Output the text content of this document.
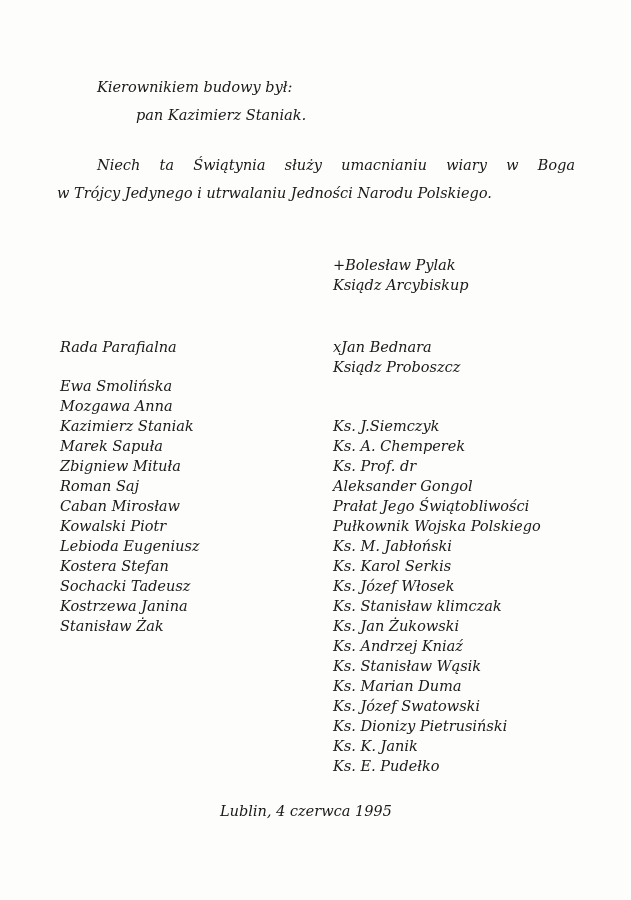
Kierownikiem budowy był:
pan Kazimierz Staniak.
Niech ta Świątynia służy umacnianiu wiary w Boga
w Trójcy Jedynego i utrwalaniu Jedności Narodu Polskiego.
+Bolesław Pylak
Ksiądz Arcybiskup
Rada Parafialna	xJan Bednara
Ksiądz Proboszcz
Ewa Smolińska
Mozgawa Anna
Kazimierz Staniak
Marek Sapuła
Zbigniew Mituła
Roman Saj
Caban Mirosław
Kowalski Piotr
Lebioda Eugeniusz
Kostera Stefan
Sochacki Tadeusz
Kostrzewa Janina
Stanisław Żak
Ks. J.Siemczyk
Ks. A. Chemperek
Ks. Prof. dr
Aleksander Gongol
Prałat Jego Świątobliwości
Pułkownik Wojska Polskiego
Ks. M. Jabłoński
Ks. Karol Serkis
Ks. Józef Włosek
Ks. Stanisław klimczak
Ks. Jan Żukowski
Ks. Andrzej Kniaź
Ks. Stanisław Wąsik
Ks. Marian Duma
Ks. Józef Swatowski
Ks. Dionizy Pietrusiński
Ks. K. Janik
Ks. E. Pudełko
Lublin, 4 czerwca 1995
